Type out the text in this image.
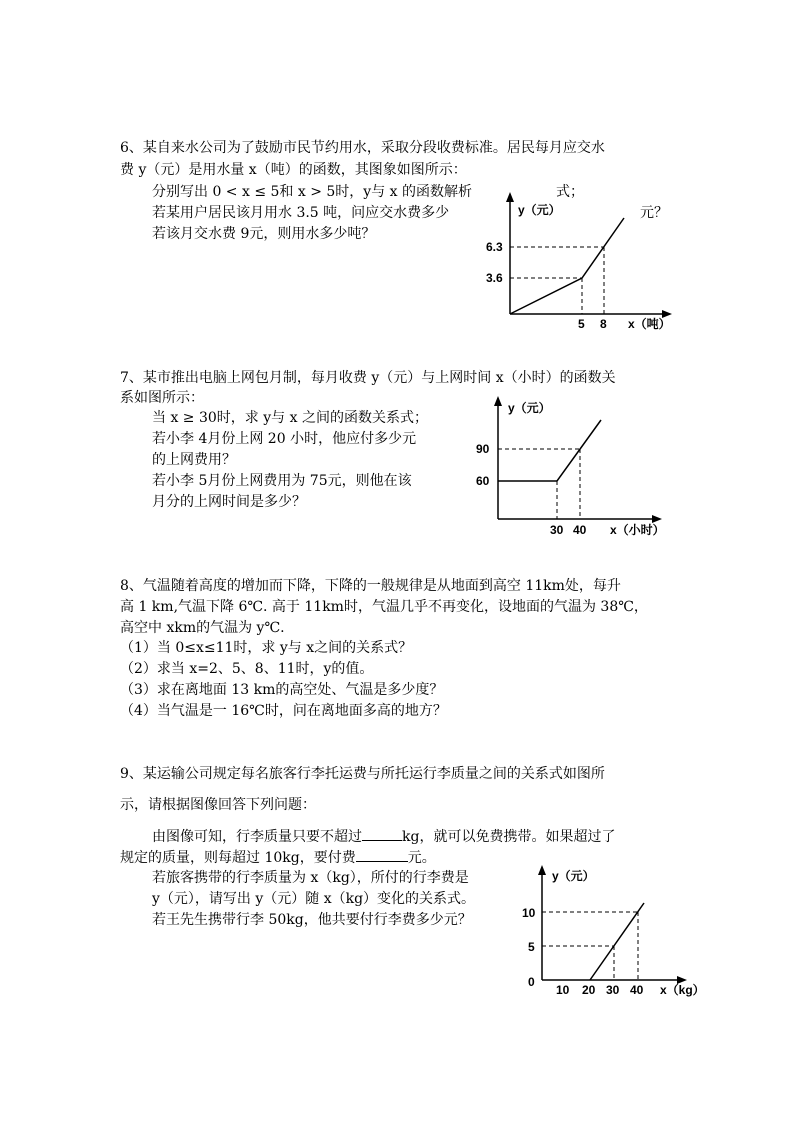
6、某自来水公司为了鼓励市民节约用水，采取分段收费标准。居民每月应交水
费 y（元）是用水量 x（吨）的函数，其图象如图所示：
分别写出 0 < x ≤ 5和 x > 5时，y与 x 的函数解析	式；
若某用户居民该月用水 3.5 吨，问应交水费多少	元？
若该月交水费 9元，则用水多少吨？
y（元）
6.3
3.6
5 8 x（吨）
7、某市推出电脑上网包月制，每月收费 y（元）与上网时间 x（小时）的函数关
系如图所示：
当 x ≥ 30时，求 y与 x 之间的函数关系式；
若小李 4月份上网 20 小时，他应付多少元
的上网费用？
若小李 5月份上网费用为 75元，则他在该
月分的上网时间是多少？
y（元）
90
60
30 40 x（小时）
8、气温随着高度的增加而下降，下降的一般规律是从地面到高空 11km处，每升
高 1 km,气温下降 6℃. 高于 11km时，气温几乎不再变化，设地面的气温为 38℃，
高空中 xkm的气温为 y℃.
（1）当 0≤x≤11时，求 y与 x之间的关系式？
（2）求当 x=2、5、8、11时，y的值。
（3）求在离地面 13 km的高空处、气温是多少度？
（4）当气温是一 16℃时，问在离地面多高的地方？
9、某运输公司规定每名旅客行李托运费与所托运行李质量之间的关系式如图所
示，请根据图像回答下列问题：
由图像可知，行李质量只要不超过	kg，就可以免费携带。如果超过了
规定的质量，则每超过 10kg，要付费	元。
若旅客携带的行李质量为 x（kg），所付的行李费是
y（元），请写出 y（元）随 x（kg）变化的关系式。
若王先生携带行李 50kg，他共要付行李费多少元？
y（元）
10
5
0
10 20 30 40 x（kg）
